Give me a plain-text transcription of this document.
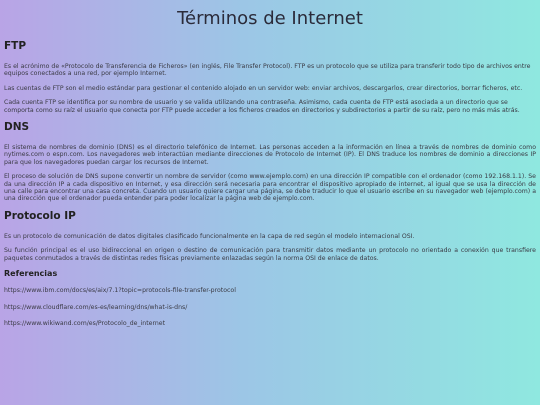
Términos de Internet
FTP

Es el acrónimo de «Protocolo de Transferencia de Ficheros» (en inglés, File Transfer Protocol). FTP es un protocolo que se utiliza para transferir todo tipo de archivos entre equipos conectados a una red, por ejemplo Internet.

Las cuentas de FTP son el medio estándar para gestionar el contenido alojado en un servidor web: enviar archivos, descargarlos, crear directorios, borrar ficheros, etc.

Cada cuenta FTP se identifica por su nombre de usuario y se valida utilizando una contraseña. Asimismo, cada cuenta de FTP está asociada a un directorio que se comporta como su raíz el usuario que conecta por FTP puede acceder a los ficheros creados en directorios y subdirectorios a partir de su raíz, pero no más más atrás.

DNS

El sistema de nombres de dominio (DNS) es el directorio telefónico de Internet. Las personas acceden a la información en línea a través de nombres de dominio como nytimes.com o espn.com. Los navegadores web interactúan mediante direcciones de Protocolo de Internet (IP). El DNS traduce los nombres de dominio a direcciones IP para que los navegadores puedan cargar los recursos de Internet.

El proceso de solución de DNS supone convertir un nombre de servidor (como www.ejemplo.com) en una dirección IP compatible con el ordenador (como 192.168.1.1). Se da una dirección IP a cada dispositivo en Internet, y esa dirección será necesaria para encontrar el dispositivo apropiado de internet, al igual que se usa la dirección de una calle para encontrar una casa concreta. Cuando un usuario quiere cargar una página, se debe traducir lo que el usuario escribe en su navegador web (ejemplo.com) a una dirección que el ordenador pueda entender para poder localizar la página web de ejemplo.com.

Protocolo IP

Es un protocolo de comunicación de datos digitales clasificado funcionalmente en la capa de red según el modelo internacional OSI.

Su función principal es el uso bidireccional en origen o destino de comunicación para transmitir datos mediante un protocolo no orientado a conexión que transfiere paquetes conmutados a través de distintas redes físicas previamente enlazadas según la norma OSI de enlace de datos.

Referencias
https://www.ibm.com/docs/es/aix/7.1?topic=protocols-file-transfer-protocol
https://www.cloudflare.com/es-es/learning/dns/what-is-dns/
https://www.wikiwand.com/es/Protocolo_de_internet
